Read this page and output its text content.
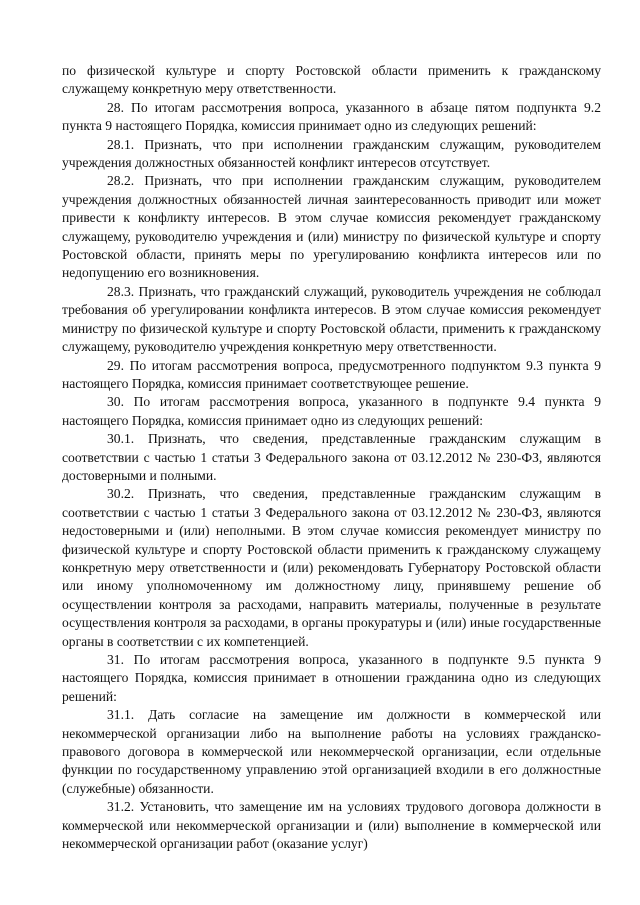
по физической культуре и спорту Ростовской области применить к гражданскому служащему конкретную меру ответственности.

28. По итогам рассмотрения вопроса, указанного в абзаце пятом подпункта 9.2 пункта 9 настоящего Порядка, комиссия принимает одно из следующих решений:

28.1. Признать, что при исполнении гражданским служащим, руководителем учреждения должностных обязанностей конфликт интересов отсутствует.

28.2. Признать, что при исполнении гражданским служащим, руководителем учреждения должностных обязанностей личная заинтересованность приводит или может привести к конфликту интересов. В этом случае комиссия рекомендует гражданскому служащему, руководителю учреждения и (или) министру по физической культуре и спорту Ростовской области, принять меры по урегулированию конфликта интересов или по недопущению его возникновения.

28.3. Признать, что гражданский служащий, руководитель учреждения не соблюдал требования об урегулировании конфликта интересов. В этом случае комиссия рекомендует министру по физической культуре и спорту Ростовской области, применить к гражданскому служащему, руководителю учреждения конкретную меру ответственности.

29. По итогам рассмотрения вопроса, предусмотренного подпунктом 9.3 пункта 9 настоящего Порядка, комиссия принимает соответствующее решение.

30. По итогам рассмотрения вопроса, указанного в подпункте 9.4 пункта 9 настоящего Порядка, комиссия принимает одно из следующих решений:

30.1. Признать, что сведения, представленные гражданским служащим в соответствии с частью 1 статьи 3 Федерального закона от 03.12.2012 № 230-ФЗ, являются достоверными и полными.

30.2. Признать, что сведения, представленные гражданским служащим в соответствии с частью 1 статьи 3 Федерального закона от 03.12.2012 № 230-ФЗ, являются недостоверными и (или) неполными. В этом случае комиссия рекомендует министру по физической культуре и спорту Ростовской области применить к гражданскому служащему конкретную меру ответственности и (или) рекомендовать Губернатору Ростовской области или иному уполномоченному им должностному лицу, принявшему решение об осуществлении контроля за расходами, направить материалы, полученные в результате осуществления контроля за расходами, в органы прокуратуры и (или) иные государственные органы в соответствии с их компетенцией.

31. По итогам рассмотрения вопроса, указанного в подпункте 9.5 пункта 9 настоящего Порядка, комиссия принимает в отношении гражданина одно из следующих решений:

31.1. Дать согласие на замещение им должности в коммерческой или некоммерческой организации либо на выполнение работы на условиях гражданско-правового договора в коммерческой или некоммерческой организации, если отдельные функции по государственному управлению этой организацией входили в его должностные (служебные) обязанности.

31.2. Установить, что замещение им на условиях трудового договора должности в коммерческой или некоммерческой организации и (или) выполнение в коммерческой или некоммерческой организации работ (оказание услуг)
